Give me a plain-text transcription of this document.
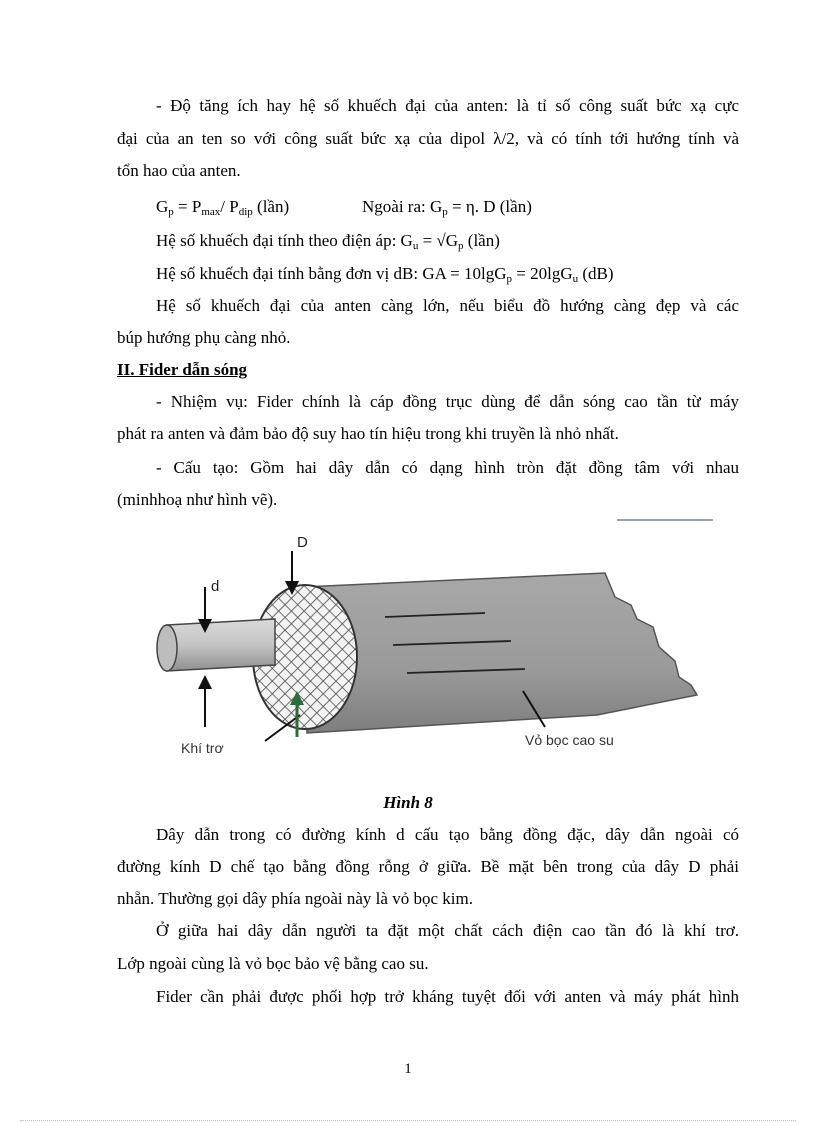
- Độ tăng ích hay hệ số khuếch đại của anten: là tỉ số công suất bức xạ cực
đại của an ten so với công suất bức xạ của dipol λ/2, và có tính tới hướng tính và
tổn hao của anten.
$G_p = P_{max}/$ $P_{dip}$ (lần)	Ngoài ra: $G_p = \eta$. D (lần)
Hệ số khuếch đại tính theo điện áp: $G_u = √G_p$ (lần)
Hệ số khuếch đại tính bằng đơn vị dB: GA = 10lgG$_p$ = 20lgG$_u$ (dB)
Hệ số khuếch đại của anten càng lớn, nếu biểu đồ hướng càng đẹp và các
búp hướng phụ càng nhỏ.
II. Fider dẫn sóng
- Nhiệm vụ: Fider chính là cáp đồng trục dùng để dẫn sóng cao tần từ máy
phát ra anten và đảm bảo độ suy hao tín hiệu trong khi truyền là nhỏ nhất.
- Cấu tạo: Gồm hai dây dẫn có dạng hình tròn đặt đồng tâm với nhau
(minhhoạ như hình vẽ).
D
d
Khí trơ	Vỏ bọc cao su
Hình 8
Dây dẫn trong có đường kính d cấu tạo bằng đồng đặc, dây dẫn ngoài có
đường kính D chế tạo bằng đồng rỗng ở giữa. Bề mặt bên trong của dây D phải
nhẵn. Thường gọi dây phía ngoài này là vỏ bọc kim.
Ở giữa hai dây dẫn người ta đặt một chất cách điện cao tần đó là khí trơ.
Lớp ngoài cùng là vỏ bọc bảo vệ bằng cao su.
Fider cần phải được phối hợp trở kháng tuyệt đối với anten và máy phát hình
1
